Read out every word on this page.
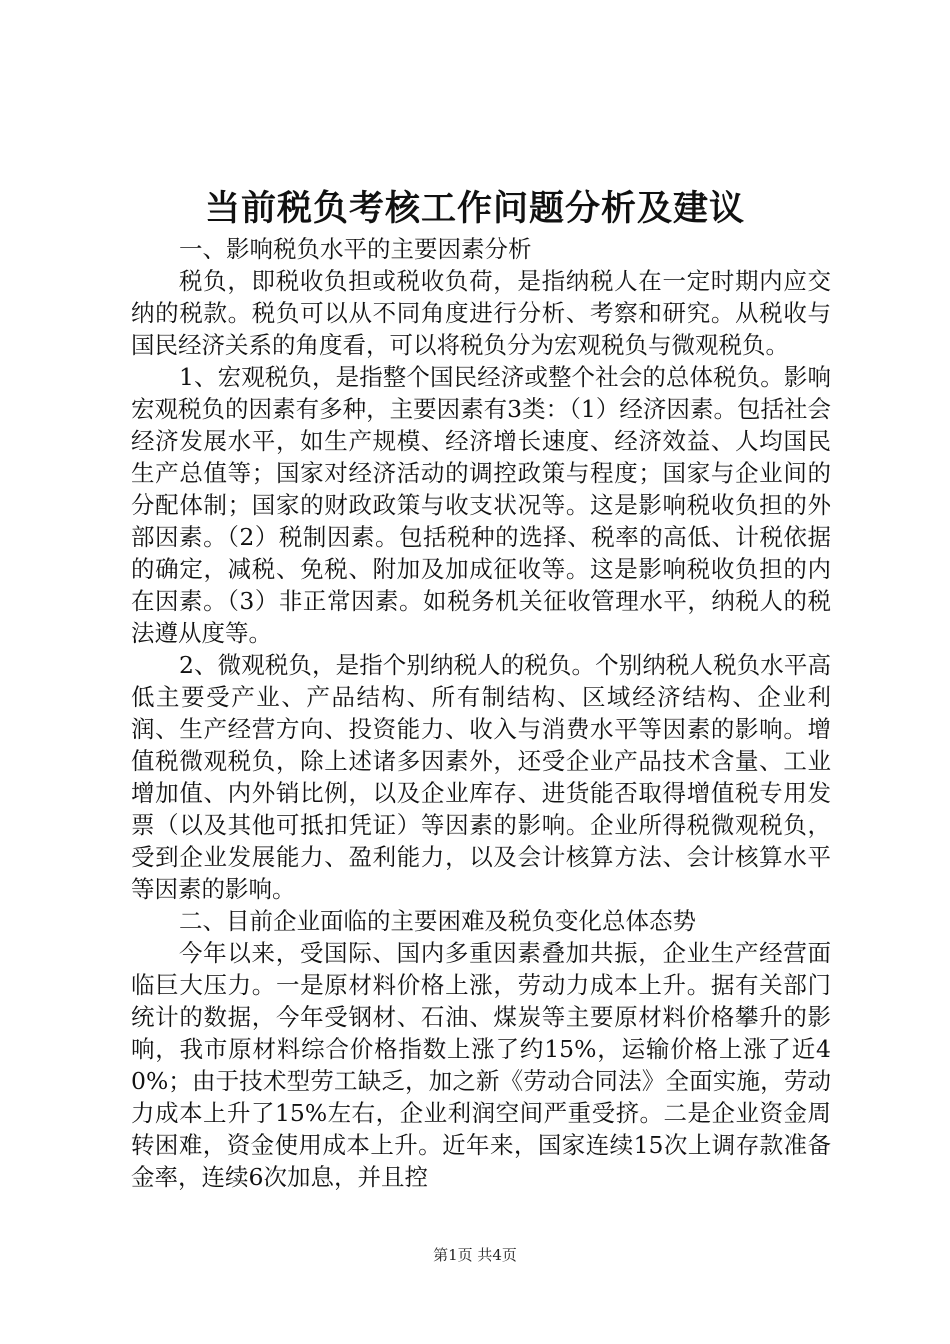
当前税负考核工作问题分析及建议

一、影响税负水平的主要因素分析

税负，即税收负担或税收负荷，是指纳税人在一定时期内应交纳的税款。税负可以从不同角度进行分析、考察和研究。从税收与国民经济关系的角度看，可以将税负分为宏观税负与微观税负。

1、宏观税负，是指整个国民经济或整个社会的总体税负。影响宏观税负的因素有多种，主要因素有3类：（1）经济因素。包括社会经济发展水平，如生产规模、经济增长速度、经济效益、人均国民生产总值等；国家对经济活动的调控政策与程度；国家与企业间的分配体制；国家的财政政策与收支状况等。这是影响税收负担的外部因素。（2）税制因素。包括税种的选择、税率的高低、计税依据的确定，减税、免税、附加及加成征收等。这是影响税收负担的内在因素。（3）非正常因素。如税务机关征收管理水平，纳税人的税法遵从度等。

2、微观税负，是指个别纳税人的税负。个别纳税人税负水平高低主要受产业、产品结构、所有制结构、区域经济结构、企业利润、生产经营方向、投资能力、收入与消费水平等因素的影响。增值税微观税负，除上述诸多因素外，还受企业产品技术含量、工业增加值、内外销比例，以及企业库存、进货能否取得增值税专用发票（以及其他可抵扣凭证）等因素的影响。企业所得税微观税负，受到企业发展能力、盈利能力，以及会计核算方法、会计核算水平等因素的影响。

二、目前企业面临的主要困难及税负变化总体态势

今年以来，受国际、国内多重因素叠加共振，企业生产经营面临巨大压力。一是原材料价格上涨，劳动力成本上升。据有关部门统计的数据，今年受钢材、石油、煤炭等主要原材料价格攀升的影响，我市原材料综合价格指数上涨了约15%，运输价格上涨了近40%；由于技术型劳工缺乏，加之新《劳动合同法》全面实施，劳动力成本上升了15%左右，企业利润空间严重受挤。二是企业资金周转困难，资金使用成本上升。近年来，国家连续15次上调存款准备金率，连续6次加息，并且控

第1页 共4页
